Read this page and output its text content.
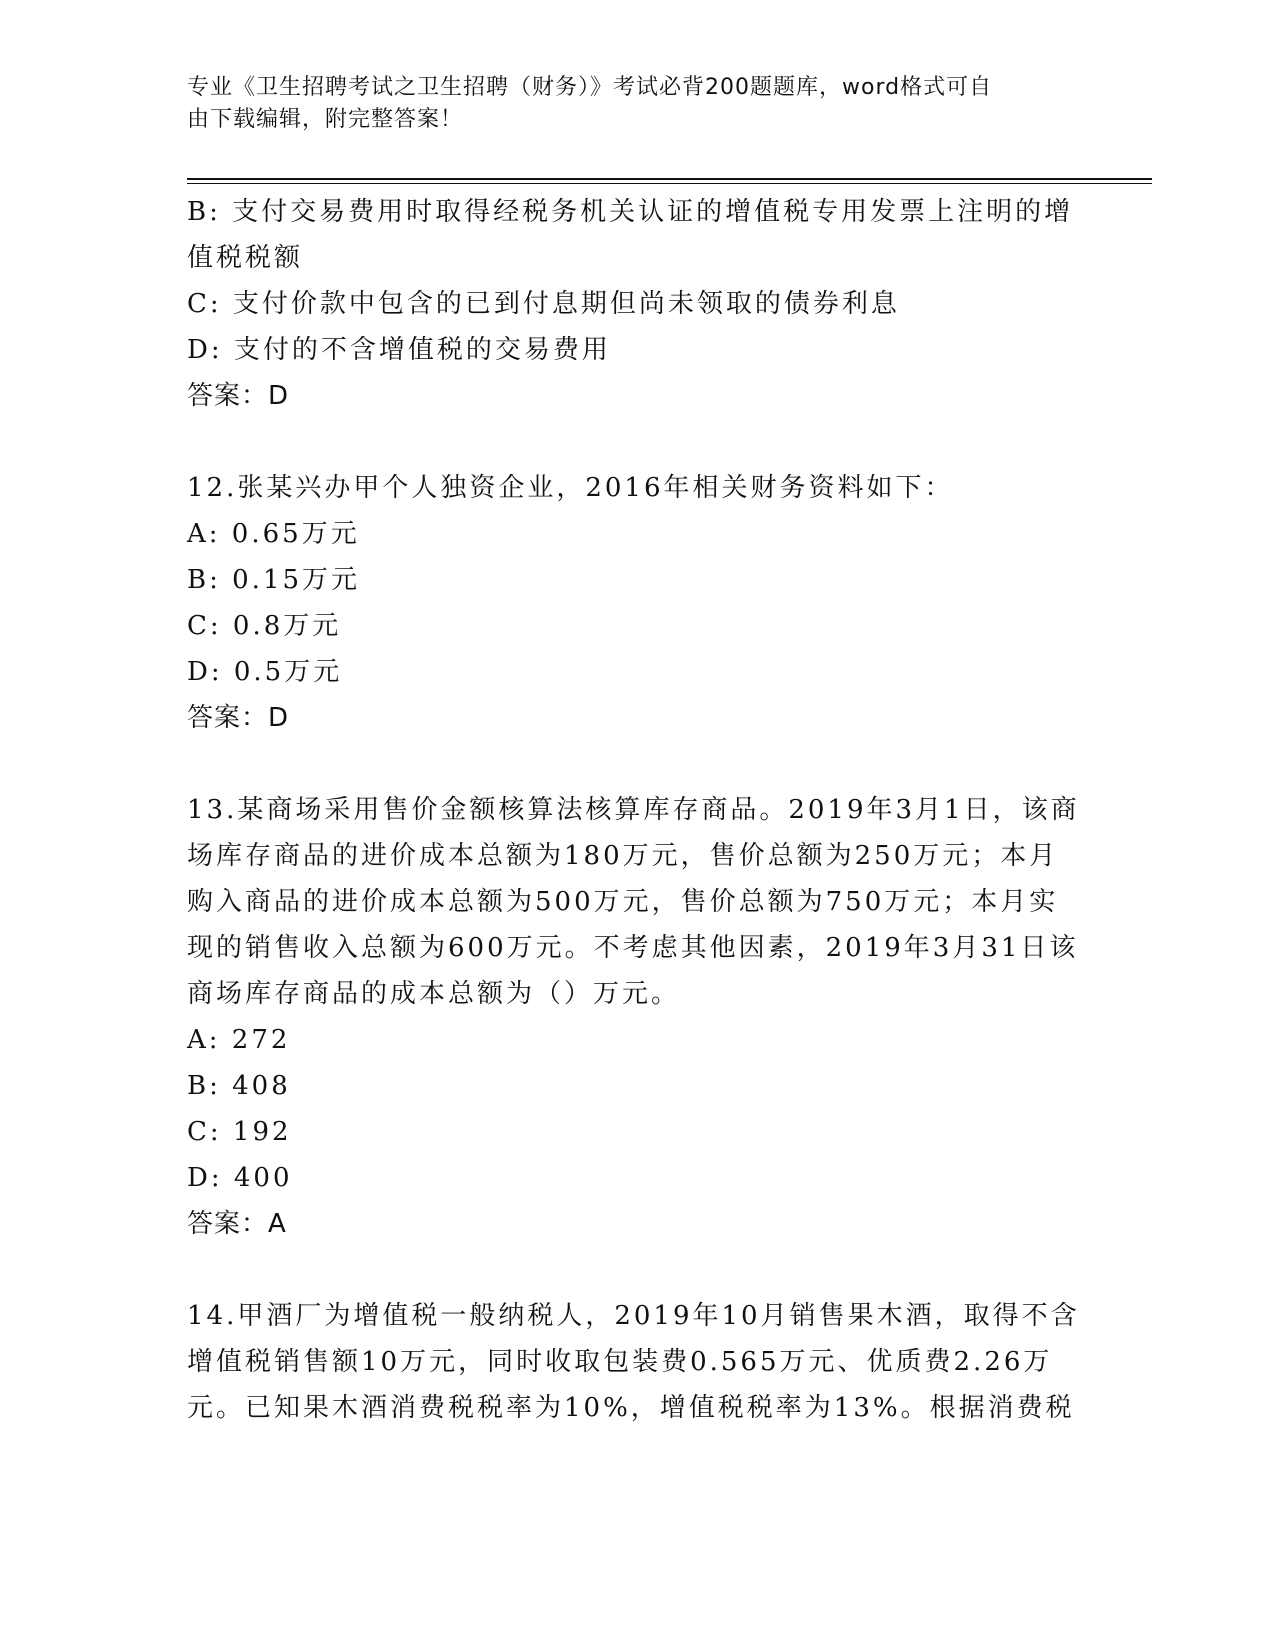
专业《卫生招聘考试之卫生招聘（财务）》考试必背200题题库，word格式可自
由下载编辑，附完整答案！
B: 支付交易费用时取得经税务机关认证的增值税专用发票上注明的增
值税税额
C: 支付价款中包含的已到付息期但尚未领取的债券利息
D: 支付的不含增值税的交易费用
答案：D
12.张某兴办甲个人独资企业，2016年相关财务资料如下：
A: 0.65万元
B: 0.15万元
C: 0.8万元
D: 0.5万元
答案：D
13.某商场采用售价金额核算法核算库存商品。2019年3月1日，该商
场库存商品的进价成本总额为180万元，售价总额为250万元；本月
购入商品的进价成本总额为500万元，售价总额为750万元；本月实
现的销售收入总额为600万元。不考虑其他因素，2019年3月31日该
商场库存商品的成本总额为（）万元。
A: 272
B: 408
C: 192
D: 400
答案：A
14.甲酒厂为增值税一般纳税人，2019年10月销售果木酒，取得不含
增值税销售额10万元，同时收取包装费0.565万元、优质费2.26万
元。已知果木酒消费税税率为10%，增值税税率为13%。根据消费税
